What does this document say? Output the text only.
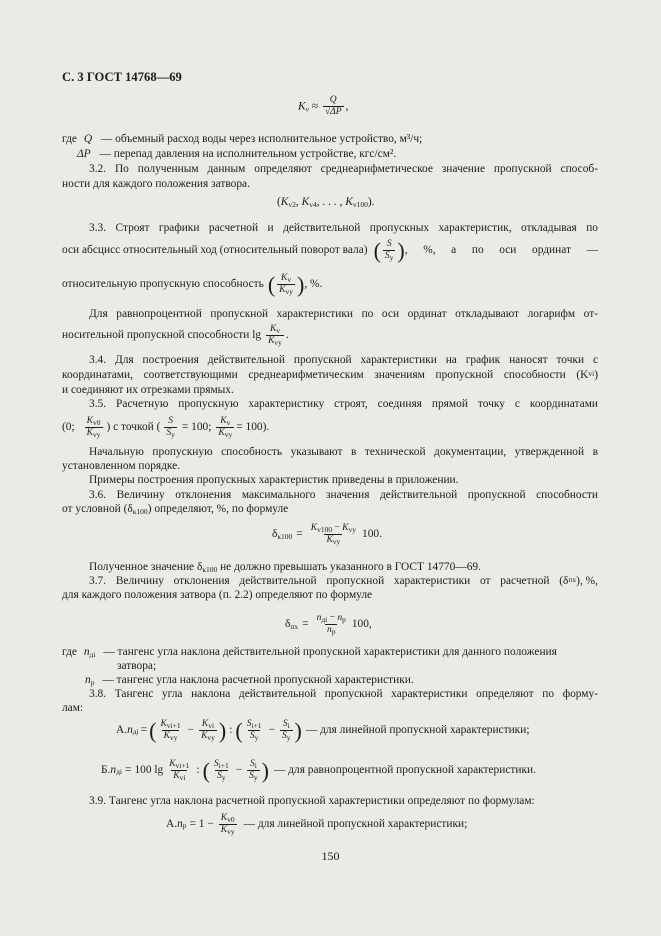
С. 3 ГОСТ 14768—69
$K_v \approx \frac{Q}{√\Delta P}$ ,
где Q — объемный расход воды через исполнительное устройство, м³/ч;
ΔP — перепад давления на исполнительном устройстве, кгс/см².
3.2. По полученным данным определяют среднеарифметическое значение пропускной способ-
ности для каждого положения затвора.
($K_{v2}$, $K_{v4}$, . . . , $K_{v100}$).
3.3. Строят графики расчетной и действительной пропускных характеристик, откладывая по
оси абсцисс относительный ход (относительный поворот вала) ( $\frac{S}{S_у}$ ) , %, а по оси ординат —
относительную пропускную способность ( $\frac{K_v}{K_{vу}}$ ) , %.
Для равнопроцентной пропускной характеристики по оси ординат откладывают логарифм от-
носительной пропускной способности $\lg \frac{K_v}{K_{vу}}$ .
3.4. Для построения действительной пропускной характеристики на график наносят точки с
координатами, соответствующими среднеарифметическим значениям пропускной способности (K vi )
и соединяют их отрезками прямых.
3.5. Расчетную пропускную характеристику строят, соединяя прямой точку с координатами
(0; $\frac{K_{v0}}{K_{vу}}$ ) с точкой ( $\frac{S}{S_у} = 100$; $\frac{K_v}{K_{vу}} = 100$).
Начальную пропускную способность указывают в технической документации, утвержденной в
установленном порядке.
Примеры построения пропускных характеристик приведены в приложении.
3.6. Величину отклонения максимального значения действительной пропускной способности
от условной $(\delta_{к100})$ определяют, %, по формуле
$\delta_{к100} = \frac{K_{v100} - K_{vу}}{K_{vу}} 100$.
Полученное значение $\delta_{к100}$ не должно превышать указанного в ГОСТ 14770—69.
3.7. Величину отклонения действительной пропускной характеристики от расчетной (δ пх ), %,
для каждого положения затвора (п. 2.2) определяют по формуле
$\delta_{пх} = \frac{n_{дi} - n_р}{n_р} 100$,
где $n_{дi}$ — тангенс угла наклона действительной пропускной характеристики для данного положения
затвора;
$n_р$ — тангенс угла наклона расчетной пропускной характеристики.
3.8. Тангенс угла наклона действительной пропускной характеристики определяют по форму-
лам:
А. n дi = ( $\frac{K_{vi+1}}{K_{vу}} - \frac{K_{vi}}{K_{vу}}$ ) : ( $\frac{S_{i+1}}{S_у} - \frac{S_i}{S_у}$ ) — для линейной пропускной характеристики;
Б. n дi = 100 $\lg \frac{K_{vi+1}}{K_{vi}}$ : ( $\frac{S_{i+1}}{S_у} - \frac{S_i}{S_у}$ ) — для равнопроцентной пропускной характеристики.
3.9. Тангенс угла наклона расчетной пропускной характеристики определяют по формулам:
А. n $р = 1 - \frac{K_{v0}}{K_{vу}}$ — для линейной пропускной характеристики;
150
